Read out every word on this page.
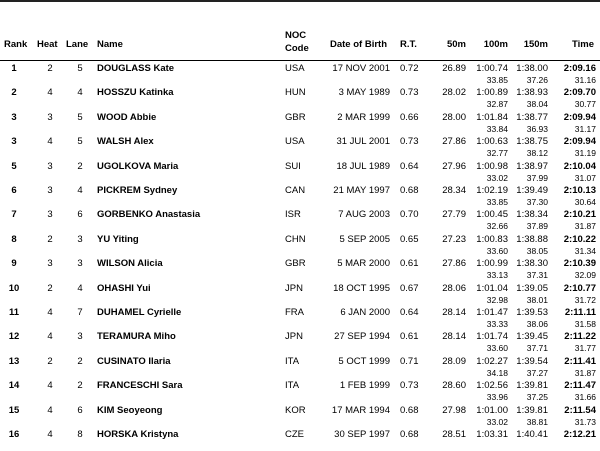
Rank Heat Lane Name
NOC
Code Date of Birth R.T.	50m	100m	150m	Time
1	2	5	DOUGLASS Kate	USA	17 NOV 2001 0.72	26.89	1:00.74 1:38.00	2:09.16
33.85	37.26	31.16
2	4	4	HOSSZU Katinka	HUN	3 MAY 1989 0.73	28.02	1:00.89 1:38.93	2:09.70
32.87	38.04	30.77
3	3	5	WOOD Abbie	GBR	2 MAR 1999 0.66	28.00	1:01.84 1:38.77	2:09.94
33.84	36.93	31.17
3	4	5	WALSH Alex	USA	31 JUL 2001 0.73	27.86	1:00.63 1:38.75	2:09.94
32.77	38.12	31.19
5	3	2	UGOLKOVA Maria	SUI	18 JUL 1989 0.64	27.96	1:00.98 1:38.97	2:10.04
33.02	37.99	31.07
6	3	4	PICKREM Sydney	CAN	21 MAY 1997 0.68	28.34	1:02.19 1:39.49	2:10.13
33.85	37.30	30.64
7	3	6	GORBENKO Anastasia	ISR	7 AUG 2003 0.70	27.79	1:00.45 1:38.34	2:10.21
32.66	37.89	31.87
8	2	3	YU Yiting	CHN	5 SEP 2005 0.65	27.23	1:00.83 1:38.88	2:10.22
33.60	38.05	31.34
9	3	3	WILSON Alicia	GBR	5 MAR 2000 0.61	27.86	1:00.99 1:38.30	2:10.39
33.13	37.31	32.09
10	2	4	OHASHI Yui	JPN	18 OCT 1995 0.67	28.06	1:01.04 1:39.05	2:10.77
32.98	38.01	31.72
11	4	7	DUHAMEL Cyrielle	FRA	6 JAN 2000 0.64	28.14	1:01.47 1:39.53	2:11.11
33.33	38.06	31.58
12	4	3	TERAMURA Miho	JPN	27 SEP 1994 0.61	28.14	1:01.74 1:39.45	2:11.22
33.60	37.71	31.77
13	2	2	CUSINATO Ilaria	ITA	5 OCT 1999 0.71	28.09	1:02.27 1:39.54	2:11.41
34.18	37.27	31.87
14	4	2	FRANCESCHI Sara	ITA	1 FEB 1999 0.73	28.60	1:02.56 1:39.81	2:11.47
33.96	37.25	31.66
15	4	6	KIM Seoyeong	KOR	17 MAR 1994 0.68	27.98	1:01.00 1:39.81	2:11.54
33.02	38.81	31.73
16	4	8	HORSKA Kristyna	CZE	30 SEP 1997 0.68	28.51	1:03.31 1:40.41	2:12.21
